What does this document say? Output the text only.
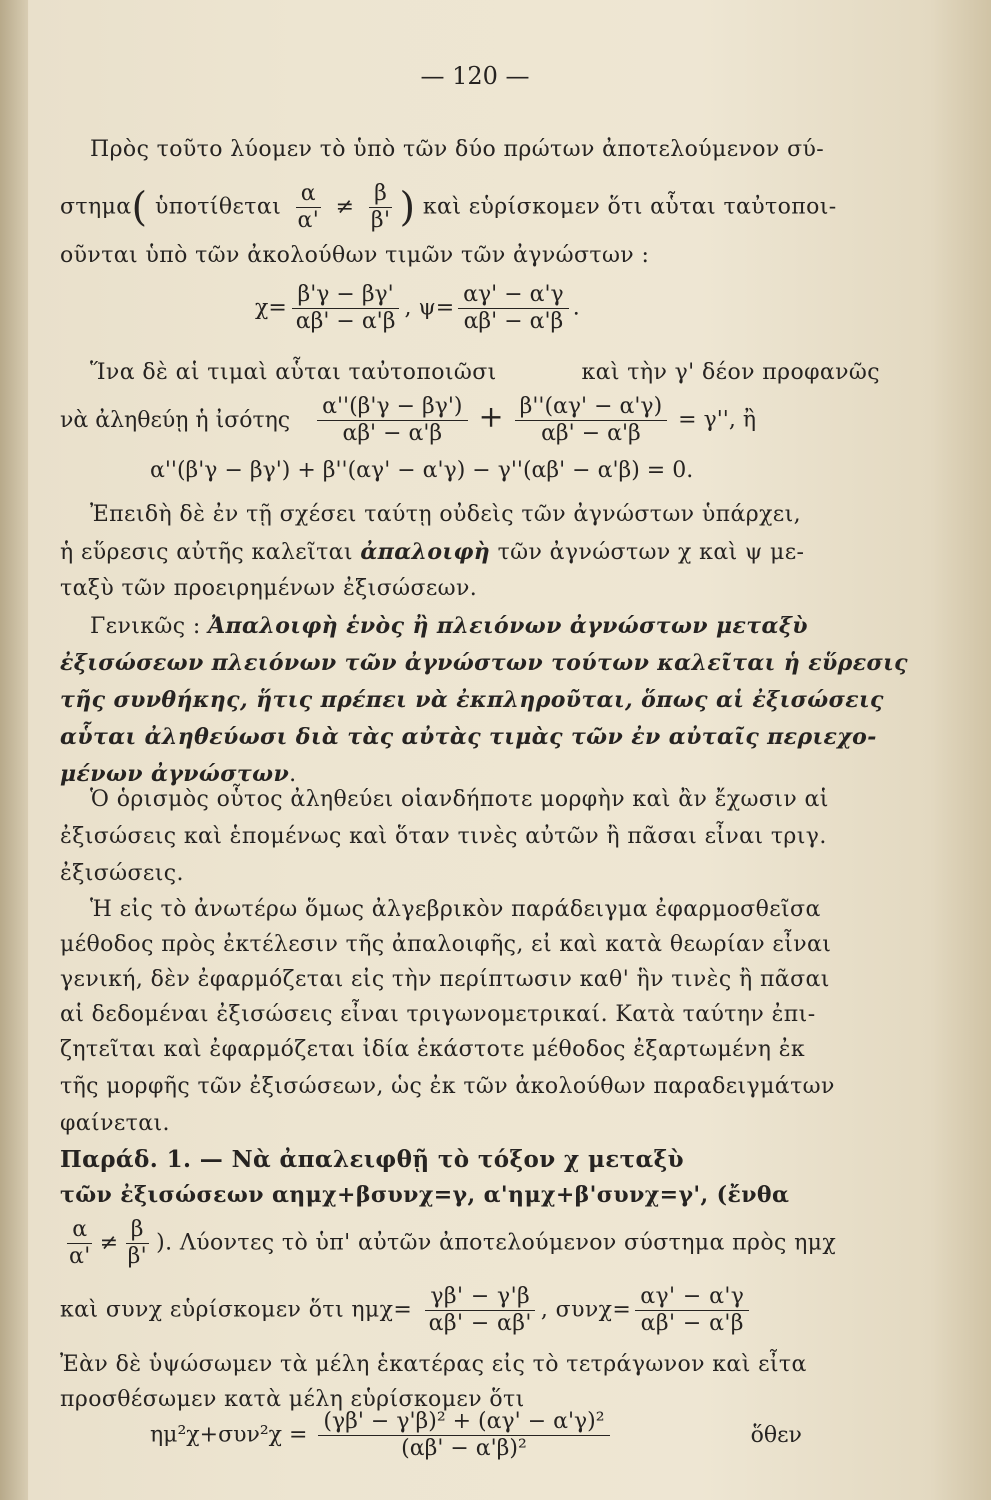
— 120 —
Πρὸς τοῦτο λύομεν τὸ ὑπὸ τῶν δύο πρώτων ἀποτελούμενον σύ-
στημα( ὑποτίθεται $\frac{\alpha}{\alpha'} \ne \frac{\beta}{\beta'}$ ) καὶ εὑρίσκομεν ὅτι αὗται ταὐτοποι-
οῦνται ὑπὸ τῶν ἀκολούθων τιμῶν τῶν ἀγνώστων :
$\chi= \frac{\beta'\gamma - \beta\gamma'}{\alpha\beta' - \alpha'\beta}$ , $\psi= \frac{\alpha\gamma' - \alpha'\gamma}{\alpha\beta' - \alpha'\beta}$ .
Ἵνα δὲ αἱ τιμαὶ αὗται ταὐτοποιῶσι	καὶ τὴν γ' δέον προφανῶς
νὰ ἀληθεύῃ ἡ ἰσότης $\frac{\alpha''(\beta'\gamma - \beta\gamma')}{\alpha\beta' - \alpha'\beta} + \frac{\beta''(\alpha\gamma' - \alpha'\gamma)}{\alpha\beta' - \alpha'\beta} = \gamma''$, ἢ
α''(β'γ − βγ') + β''(αγ' − α'γ) − γ''(αβ' − α'β) = 0.
Ἐπειδὴ δὲ ἐν τῇ σχέσει ταύτῃ οὐδεὶς τῶν ἀγνώστων ὑπάρχει,
ἡ εὕρεσις αὐτῆς καλεῖται ἀπαλοιφὴ τῶν ἀγνώστων χ καὶ ψ με-
ταξὺ τῶν προειρημένων ἐξισώσεων.
Γενικῶς : Ἀπαλοιφὴ ἑνὸς ἢ πλειόνων ἀγνώστων μεταξὺ
ἐξισώσεων πλειόνων τῶν ἀγνώστων τούτων καλεῖται ἡ εὕρεσις
τῆς συνθήκης, ἥτις πρέπει νὰ ἐκπληροῦται, ὅπως αἱ ἐξισώσεις
αὗται ἀληθεύωσι διὰ τὰς αὐτὰς τιμὰς τῶν ἐν αὐταῖς περιεχο-
μένων ἀγνώστων.
Ὁ ὁρισμὸς οὗτος ἀληθεύει οἱανδήποτε μορφὴν καὶ ἂν ἔχωσιν αἱ
ἐξισώσεις καὶ ἑπομένως καὶ ὅταν τινὲς αὐτῶν ἢ πᾶσαι εἶναι τριγ.
ἐξισώσεις.
Ἡ εἰς τὸ ἀνωτέρω ὅμως ἀλγεβρικὸν παράδειγμα ἐφαρμοσθεῖσα
μέθοδος πρὸς ἐκτέλεσιν τῆς ἀπαλοιφῆς, εἰ καὶ κατὰ θεωρίαν εἶναι
γενική, δὲν ἐφαρμόζεται εἰς τὴν περίπτωσιν καθ' ἣν τινὲς ἢ πᾶσαι
αἱ δεδομέναι ἐξισώσεις εἶναι τριγωνομετρικαί. Κατὰ ταύτην ἐπι-
ζητεῖται καὶ ἐφαρμόζεται ἰδία ἑκάστοτε μέθοδος ἐξαρτωμένη ἐκ
τῆς μορφῆς τῶν ἐξισώσεων, ὡς ἐκ τῶν ἀκολούθων παραδειγμάτων
φαίνεται.
Παράδ. 1. — Νὰ ἀπαλειφθῇ τὸ τόξον χ μεταξὺ
τῶν ἐξισώσεων αημχ+βσυνχ=γ, α'ημχ+β'συνχ=γ', (ἔνθα
$\frac{\alpha}{\alpha'} \ne \frac{\beta}{\beta'}$ ). Λύοντες τὸ ὑπ' αὐτῶν ἀποτελούμενον σύστημα πρὸς ημχ
καὶ συνχ εὑρίσκομεν ὅτι $\eta\mu\chi= \frac{\gamma\beta' - \gamma'\beta}{\alpha\beta' - \alpha\beta'}$ , $\sigma\upsilon\nu\chi= \frac{\alpha\gamma' - \alpha'\gamma}{\alpha\beta' - \alpha'\beta}$
Ἐὰν δὲ ὑψώσωμεν τὰ μέλη ἑκατέρας εἰς τὸ τετράγωνον καὶ εἶτα
προσθέσωμεν κατὰ μέλη εὑρίσκομεν ὅτι
$\eta\mu^2\chi+\sigma\upsilon\nu^2\chi = \frac{\text{(γβ' − γ'β)² + (αγ' − α'γ)²}}{\text{(αβ' − α'β)²}}$	ὅθεν
